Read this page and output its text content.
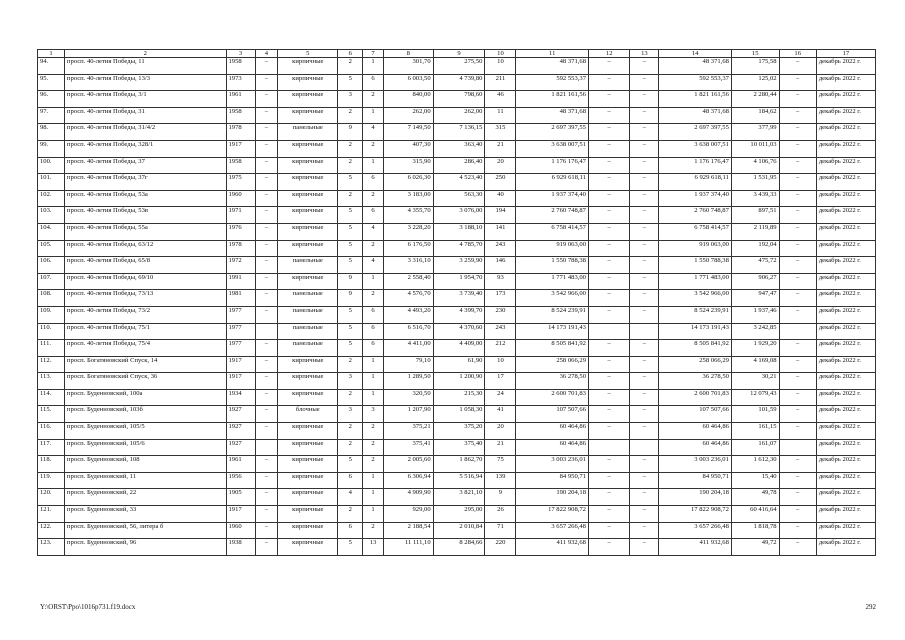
1	2	3	4	5	6	7	8	9	10	11	12	13	14	15	16	17
94.	просп. 40-летия Победы, 11	1958	–	кирпичные	2	1	301,70	275,50	10	48 371,68	–	–	48 371,68	175,58	–	декабрь 2022 г.
95.	просп. 40-летия Победы, 13/3	1973	–	кирпичные	5	6	6 003,50	4 739,80	211	592 553,37	–	–	592 553,37	125,02	–	декабрь 2022 г.
96.	просп. 40-летия Победы, 3/1	1961	–	кирпичные	3	2	840,00	798,60	46	1 821 161,56	–	–	1 821 161,56	2 280,44	–	декабрь 2022 г.
97.	просп. 40-летия Победы, 31	1958	–	кирпичные	2	1	262,00	262,00	11	48 371,68	–	–	48 371,68	184,62	–	декабрь 2022 г.
98.	просп. 40-летия Победы, 31/4/2	1978	–	панельные	9	4	7 149,50	7 136,15	315	2 697 397,55	–	–	2 697 397,55	377,99	–	декабрь 2022 г.
99.	просп. 40-летия Победы, 328/1	1917	–	кирпичные	2	2	407,30	363,40	21	3 638 007,51	–	–	3 638 007,51	10 011,03	–	декабрь 2022 г.
100.	просп. 40-летия Победы, 37	1958	–	кирпичные	2	1	315,90	286,40	20	1 176 176,47	–	–	1 176 176,47	4 106,76	–	декабрь 2022 г.
101.	просп. 40-летия Победы, 37г	1975	–	кирпичные	5	6	6 026,30	4 523,40	250	6 929 618,11	–	–	6 929 618,11	1 531,95	–	декабрь 2022 г.
102.	просп. 40-летия Победы, 53а	1960	–	кирпичные	2	2	3 183,00	563,30	40	1 937 374,40	–	–	1 937 374,40	3 439,33	–	декабрь 2022 г.
103.	просп. 40-летия Победы, 53в	1971	–	кирпичные	5	6	4 355,70	3 076,00	194	2 760 748,87	–	–	2 760 748,87	897,51	–	декабрь 2022 г.
104.	просп. 40-летия Победы, 55а	1976	–	кирпичные	5	4	3 228,20	3 188,10	141	6 758 414,57	–	–	6 758 414,57	2 119,89	–	декабрь 2022 г.
105.	просп. 40-летия Победы, 63/12	1978	–	кирпичные	5	2	6 176,50	4 785,70	243	919 063,00	–	–	919 063,00	192,04	–	декабрь 2022 г.
106.	просп. 40-летия Победы, 65/8	1972	–	панельные	5	4	3 316,10	3 259,90	146	1 550 788,38	–	–	1 550 788,38	475,72	–	декабрь 2022 г.
107.	просп. 40-летия Победы, 69/10	1991	–	кирпичные	9	1	2 558,40	1 954,70	93	1 771 483,00	–	–	1 771 483,00	906,27	–	декабрь 2022 г.
108.	просп. 40-летия Победы, 73/13	1981	–	панельные	9	2	4 576,70	3 739,40	173	3 542 966,00	–	–	3 542 966,00	947,47	–	декабрь 2022 г.
109.	просп. 40-летия Победы, 73/2	1977	–	панельные	5	6	4 493,20	4 399,70	230	8 524 239,91	–	–	8 524 239,91	1 937,46	–	декабрь 2022 г.
110.	просп. 40-летия Победы, 75/1	1977		панельные	5	6	6 516,70	4 370,60	243	14 173 191,43			14 173 191,43	3 242,85		декабрь 2022 г.
111.	просп. 40-летия Победы, 75/4	1977	–	панельные	5	6	4 411,00	4 409,00	212	8 505 841,92	–	–	8 505 841,92	1 929,20	–	декабрь 2022 г.
112.	просп. Богатяновский Спуск, 14	1917	–	кирпичные	2	1	79,10	61,90	10	258 066,29	–	–	258 066,29	4 169,08	–	декабрь 2022 г.
113.	просп. Богатяновский Спуск, 36	1917	–	кирпичные	3	1	1 289,50	1 200,90	17	36 278,50	–	–	36 278,50	30,21	–	декабрь 2022 г.
114.	просп. Буденновский, 100а	1934	–	кирпичные	2	1	320,50	215,30	24	2 600 701,83	–	–	2 600 701,83	12 079,43	–	декабрь 2022 г.
115.	просп. Буденновский, 103б	1927	–	блочные	3	3	1 207,90	1 058,30	41	107 507,66	–	–	107 507,66	101,59	–	декабрь 2022 г.
116.	просп. Буденновский, 105/5	1927	–	кирпичные	2	2	375,21	375,20	20	60 464,86	–	–	60 464,86	161,15	–	декабрь 2022 г.
117.	просп. Буденновский, 105/6	1927		кирпичные	2	2	375,41	375,40	21	60 464,86			60 464,86	161,07		декабрь 2022 г.
118.	просп. Буденновский, 108	1961	–	кирпичные	5	2	2 005,60	1 862,70	75	3 003 236,01	–	–	3 003 236,01	1 612,30	–	декабрь 2022 г.
119.	просп. Буденновский, 11	1956	–	кирпичные	6	1	6 306,94	5 516,94	139	84 950,71	–	–	84 950,71	15,40	–	декабрь 2022 г.
120.	просп. Буденновский, 22	1905	–	кирпичные	4	1	4 909,90	3 821,10	9	190 204,18	–	–	190 204,18	49,78	–	декабрь 2022 г.
121.	просп. Буденновский, 33	1917	–	кирпичные	2	1	929,00	295,00	26	17 822 908,72	–	–	17 822 908,72	60 416,64	–	декабрь 2022 г.
122.	просп. Буденновский, 56, литера б	1960	–	кирпичные	6	2	2 188,54	2 010,84	71	3 657 266,48	–	–	3 657 266,48	1 818,78	–	декабрь 2022 г.
123.	просп. Буденновский, 96	1938	–	кирпичные	5	13	11 111,10	8 284,66	220	411 932,68	–	–	411 932,68	49,72	–	декабрь 2022 г.
Y:\ORST\Ppo\1016p731.f19.docx	292
